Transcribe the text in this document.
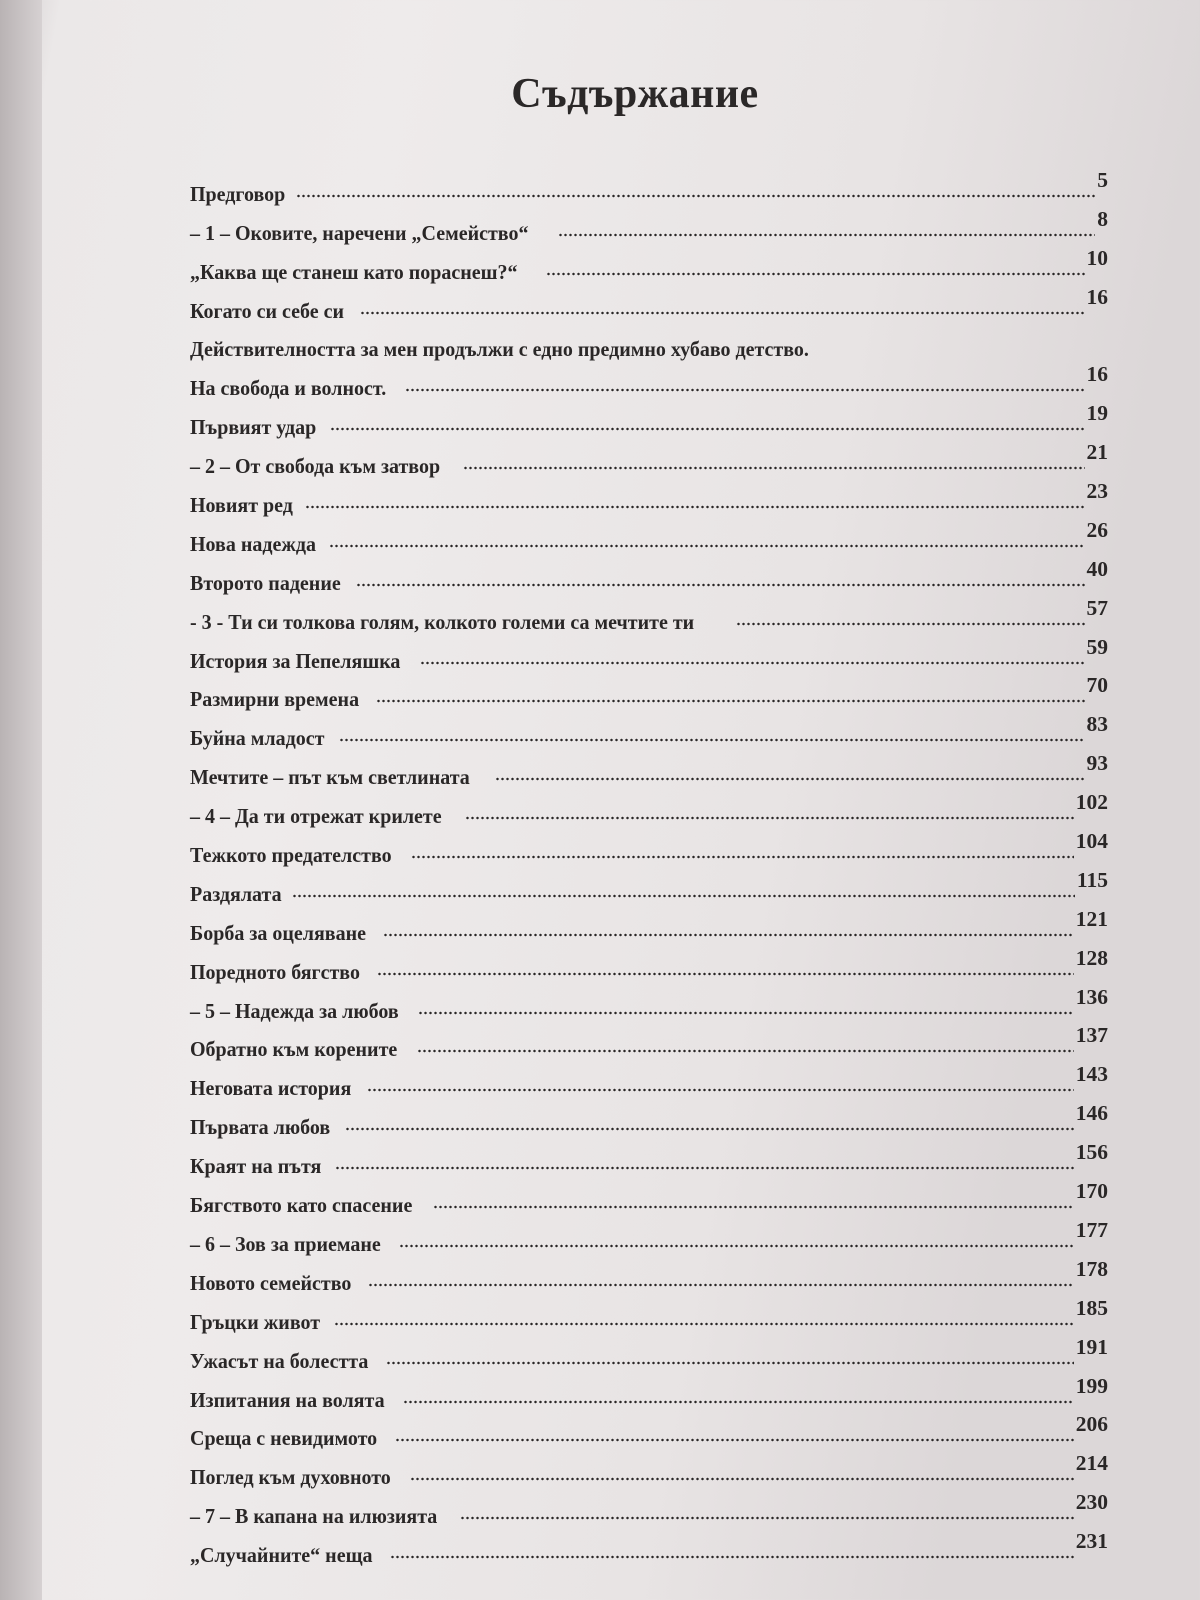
Съдържание
Предговор
5
– 1 – Оковите, наречени „Семейство“
8
„Каква ще станеш като пораснеш?“
10
Когато си себе си
16
Действителността за мен продължи с едно предимно хубаво детство.
На свобода и волност.
16
Първият удар
19
– 2 – От свобода към затвор
21
Новият ред
23
Нова надежда
26
Второто падение
40
- 3 - Ти си толкова голям, колкото големи са мечтите ти
57
История за Пепеляшка
59
Размирни времена
70
Буйна младост
83
Мечтите – път към светлината
93
– 4 – Да ти отрежат крилете
102
Тежкото предателство
104
Раздялата
115
Борба за оцеляване
121
Поредното бягство
128
– 5 – Надежда за любов
136
Обратно към корените
137
Неговата история
143
Първата любов
146
Краят на пътя
156
Бягството като спасение
170
– 6 – Зов за приемане
177
Новото семейство
178
Гръцки живот
185
Ужасът на болестта
191
Изпитания на волята
199
Среща с невидимото
206
Поглед към духовното
214
– 7 – В капана на илюзията
230
„Случайните“ неща
231
